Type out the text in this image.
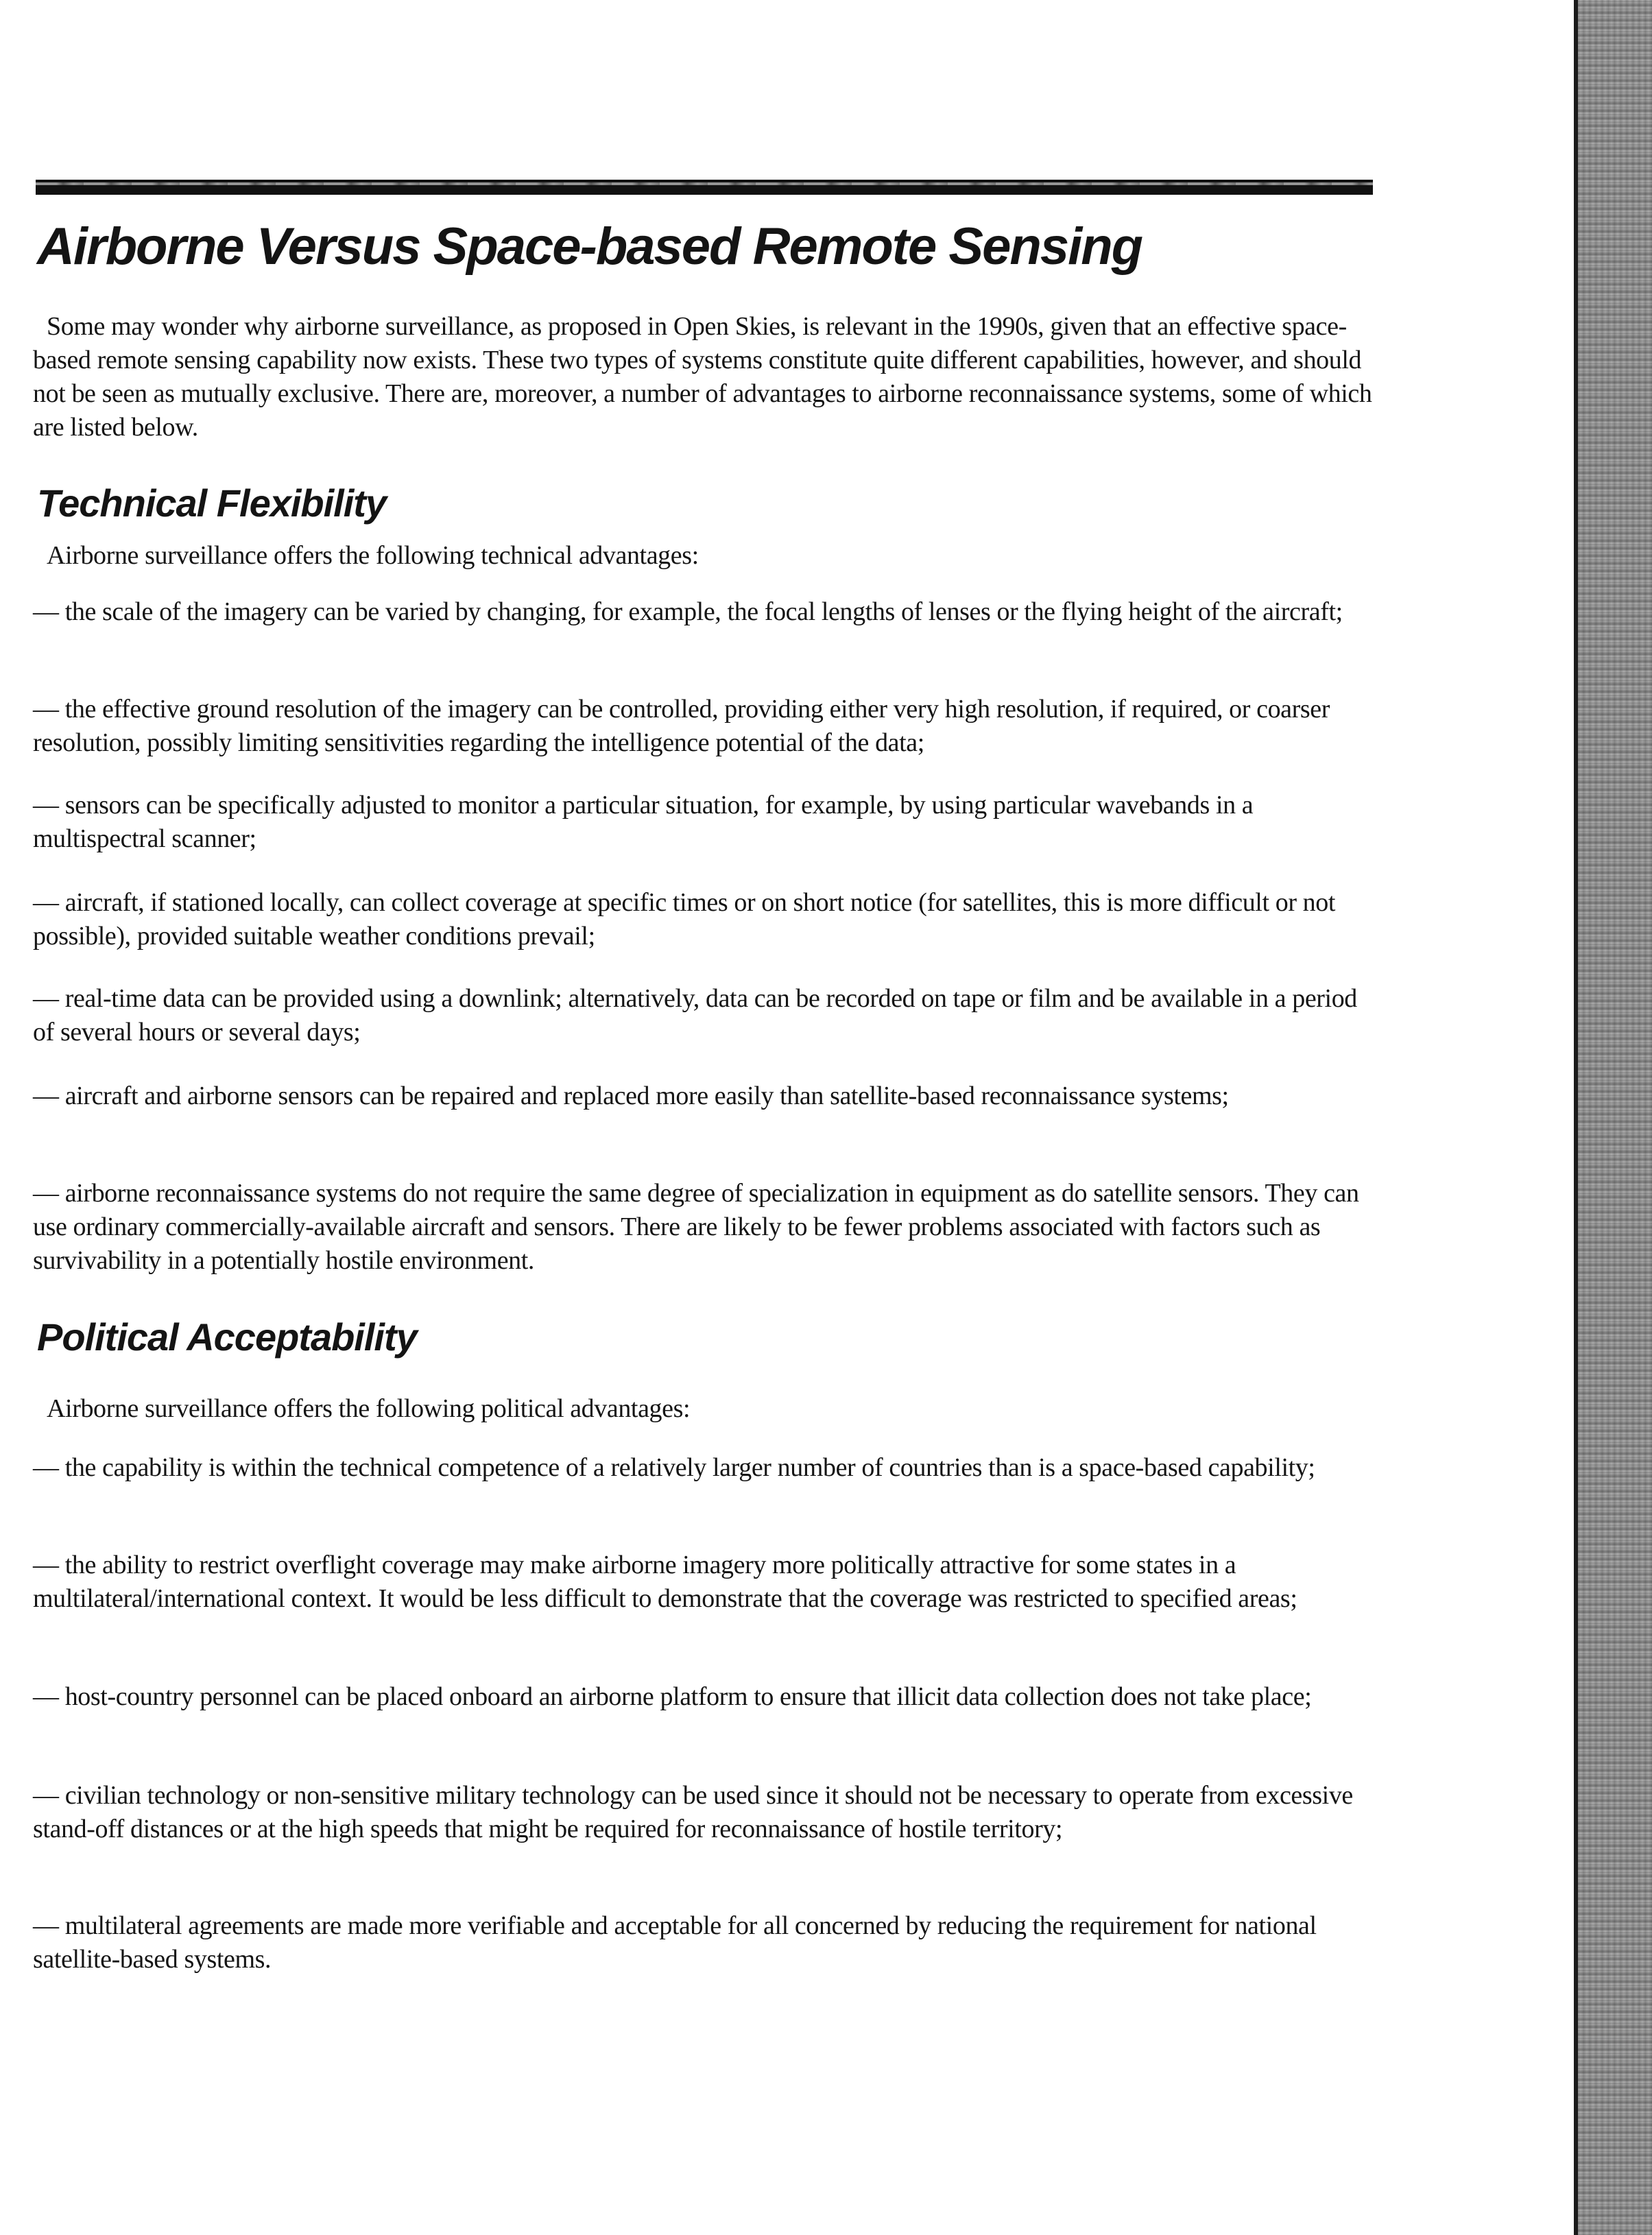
Airborne Versus Space-based Remote Sensing

Some may wonder why airborne surveillance, as proposed in Open Skies, is relevant in the 1990s, given that an effective space-based remote sensing capability now exists. These two types of systems constitute quite different capabilities, however, and should not be seen as mutually exclusive. There are, moreover, a number of advantages to airborne reconnaissance systems, some of which are listed below.

Technical Flexibility

Airborne surveillance offers the following technical advantages:

— the scale of the imagery can be varied by changing, for example, the focal lengths of lenses or the flying height of the aircraft;

— the effective ground resolution of the imagery can be controlled, providing either very high resolution, if required, or coarser resolution, possibly limiting sensitivities regarding the intelligence potential of the data;

— sensors can be specifically adjusted to monitor a particular situation, for example, by using particular wavebands in a multispectral scanner;

— aircraft, if stationed locally, can collect coverage at specific times or on short notice (for satellites, this is more difficult or not possible), provided suitable weather conditions prevail;

— real-time data can be provided using a downlink; alternatively, data can be recorded on tape or film and be available in a period of several hours or several days;

— aircraft and airborne sensors can be repaired and replaced more easily than satellite-based reconnaissance systems;

— airborne reconnaissance systems do not require the same degree of specialization in equipment as do satellite sensors. They can use ordinary commercially-available aircraft and sensors. There are likely to be fewer problems associated with factors such as survivability in a potentially hostile environment.

Political Acceptability

Airborne surveillance offers the following political advantages:

— the capability is within the technical competence of a relatively larger number of countries than is a space-based capability;

— the ability to restrict overflight coverage may make airborne imagery more politically attractive for some states in a multilateral/international context. It would be less difficult to demonstrate that the coverage was restricted to specified areas;

— host-country personnel can be placed onboard an airborne platform to ensure that illicit data collection does not take place;

— civilian technology or non-sensitive military technology can be used since it should not be necessary to operate from excessive stand-off distances or at the high speeds that might be required for reconnaissance of hostile territory;

— multilateral agreements are made more verifiable and acceptable for all concerned by reducing the requirement for national satellite-based systems.
